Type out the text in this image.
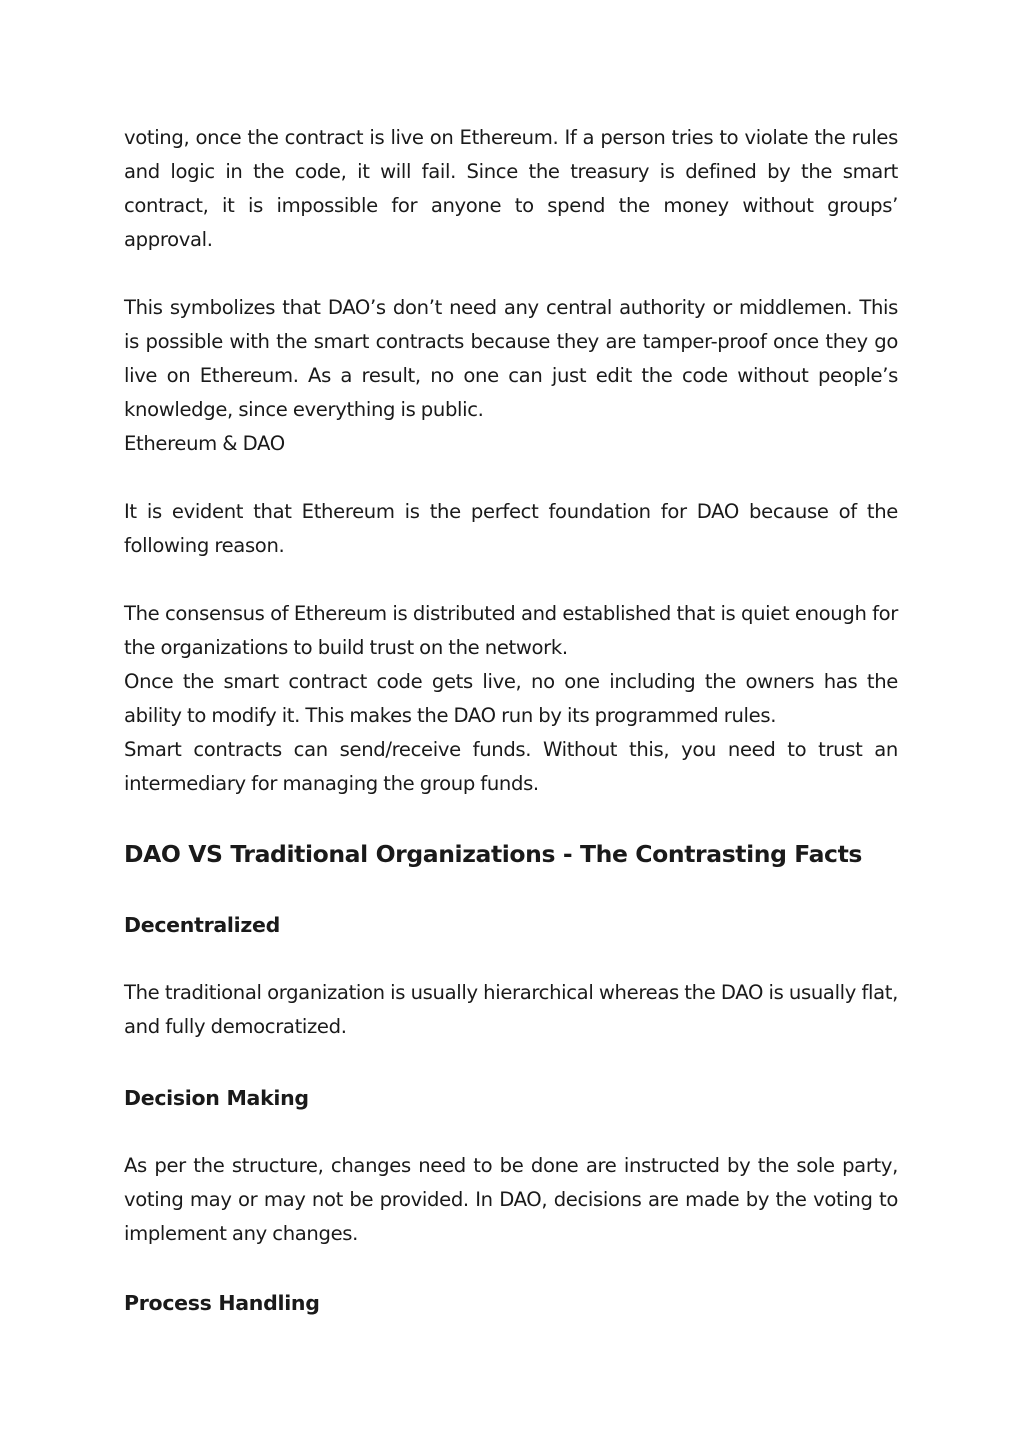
voting, once the contract is live on Ethereum. If a person tries to violate the rules and logic in the code, it will fail. Since the treasury is defined by the smart contract, it is impossible for anyone to spend the money without groups’ approval.

This symbolizes that DAO’s don’t need any central authority or middlemen. This is possible with the smart contracts because they are tamper-proof once they go live on Ethereum. As a result, no one can just edit the code without people’s knowledge, since everything is public.

Ethereum & DAO

It is evident that Ethereum is the perfect foundation for DAO because of the following reason.

The consensus of Ethereum is distributed and established that is quiet enough for the organizations to build trust on the network.

Once the smart contract code gets live, no one including the owners has the ability to modify it. This makes the DAO run by its programmed rules.

Smart contracts can send/receive funds. Without this, you need to trust an intermediary for managing the group funds.

DAO VS Traditional Organizations - The Contrasting Facts
Decentralized

The traditional organization is usually hierarchical whereas the DAO is usually flat, and fully democratized.

Decision Making

As per the structure, changes need to be done are instructed by the sole party, voting may or may not be provided. In DAO, decisions are made by the voting to implement any changes.

Process Handling
